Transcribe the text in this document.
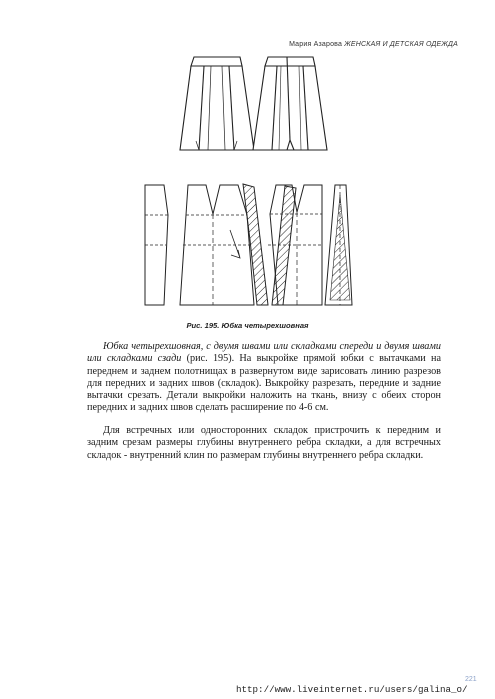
Мария Азарова ЖЕНСКАЯ И ДЕТСКАЯ ОДЕЖДА
Рис. 195. Юбка четырехшовная

Юбка четырехшовная, с двумя швами или складками спереди и двумя швами или складками сзади (рис. 195). На выкройке прямой юбки с вытачками на переднем и заднем полотнищах в развернутом виде зарисовать линию разрезов для передних и задних швов (складок). Выкройку разрезать, передние и задние вытачки срезать. Детали выкройки наложить на ткань, внизу с обеих сторон передних и задних швов сделать расширение по 4-6 см.

Для встречных или односторонних складок пристрочить к передним и задним срезам размеры глубины внутреннего ребра складки, а для встречных складок - внутренний клин по размерам глубины внутреннего ребра складки.

221
http://www.liveinternet.ru/users/galina_o/
